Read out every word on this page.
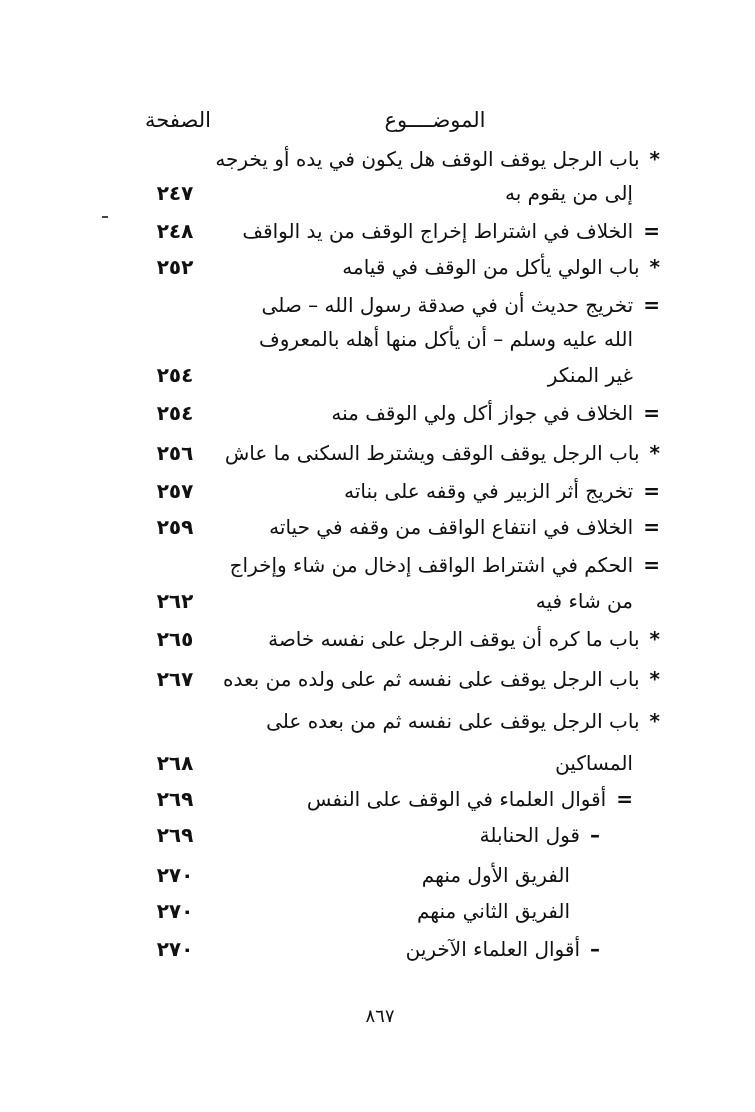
الموضــــوع
الصفحة
*باب الرجل يوقف الوقف هل يكون في يده أو يخرجه
إلى من يقوم به
٢٤٧
=الخلاف في اشتراط إخراج الوقف من يد الواقف
٢٤٨
*باب الولي يأكل من الوقف في قيامه
٢٥٢
=تخريج حديث أن في صدقة رسول الله – صلى
الله عليه وسلم – أن يأكل منها أهله بالمعروف
غير المنكر
٢٥٤
=الخلاف في جواز أكل ولي الوقف منه
٢٥٤
*باب الرجل يوقف الوقف ويشترط السكنى ما عاش
٢٥٦
=تخريج أثر الزبير في وقفه على بناته
٢٥٧
=الخلاف في انتفاع الواقف من وقفه في حياته
٢٥٩
=الحكم في اشتراط الواقف إدخال من شاء وإخراج
من شاء فيه
٢٦٢
*باب ما كره أن يوقف الرجل على نفسه خاصة
٢٦٥
*باب الرجل يوقف على نفسه ثم على ولده من بعده
٢٦٧
*باب الرجل يوقف على نفسه ثم من بعده على
المساكين
٢٦٨
=أقوال العلماء في الوقف على النفس
٢٦٩
–قول الحنابلة
٢٦٩
الفريق الأول منهم
٢٧٠
الفريق الثاني منهم
٢٧٠
–أقوال العلماء الآخرين
٢٧٠
٨٦٧
